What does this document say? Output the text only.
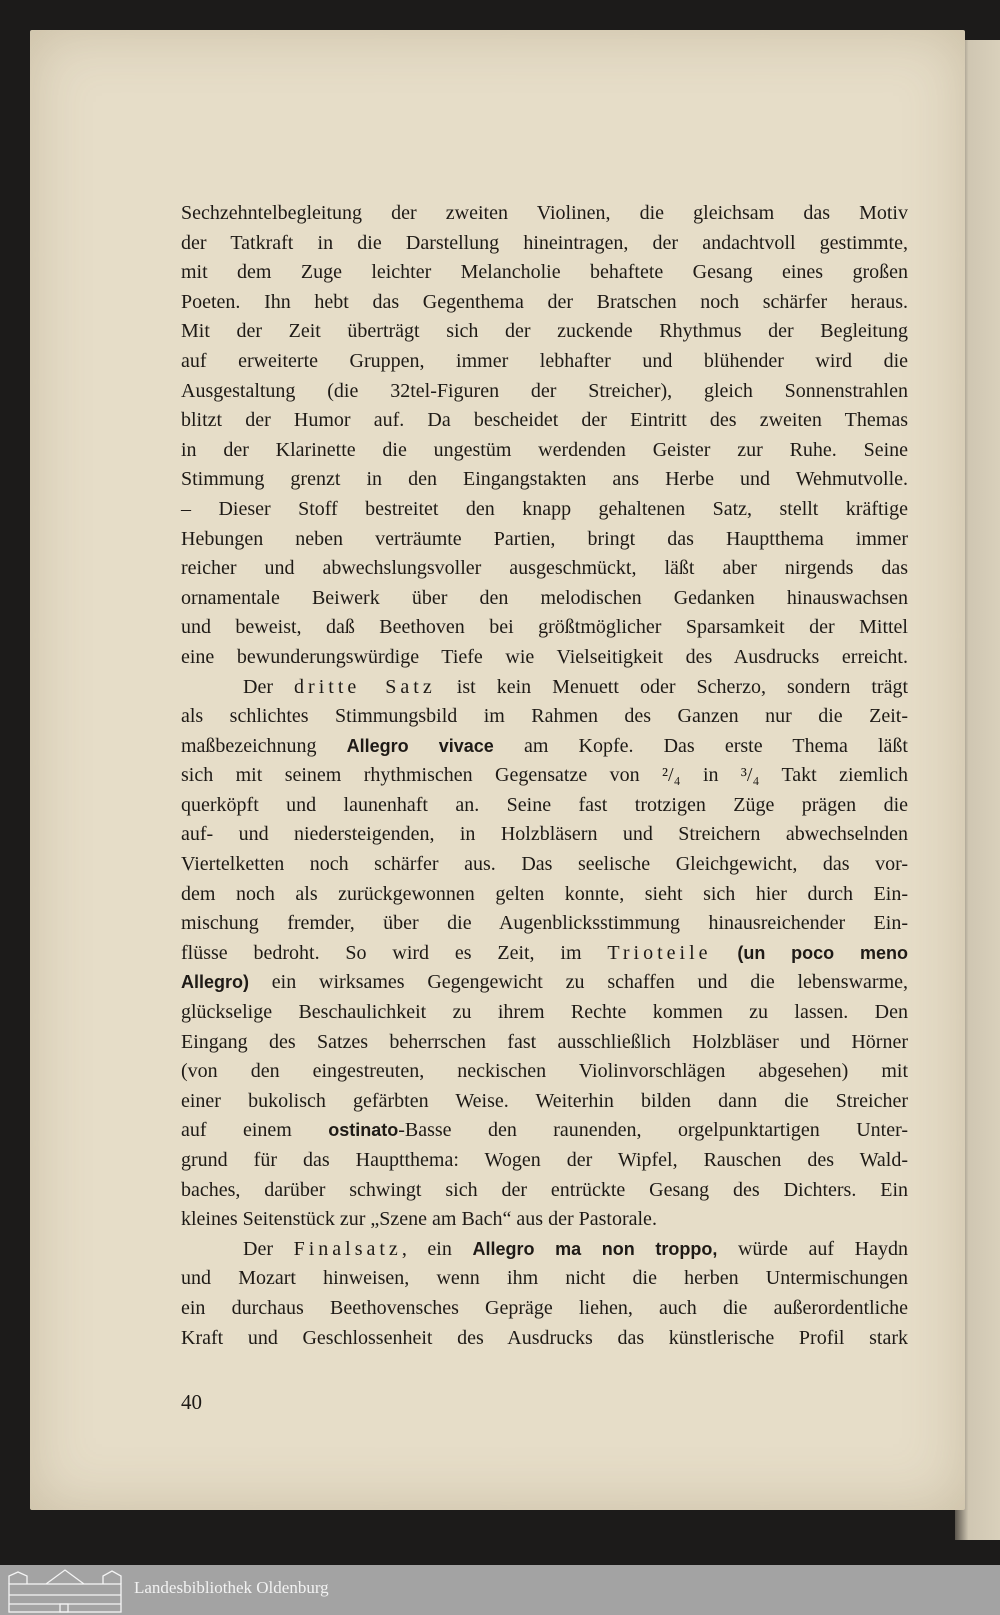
Sechzehntelbegleitung der zweiten Violinen, die gleichsam das Motiv
der Tatkraft in die Darstellung hineintragen, der andachtvoll gestimmte,
mit dem Zuge leichter Melancholie behaftete Gesang eines großen
Poeten. Ihn hebt das Gegenthema der Bratschen noch schärfer heraus.
Mit der Zeit überträgt sich der zuckende Rhythmus der Begleitung
auf erweiterte Gruppen, immer lebhafter und blühender wird die
Ausgestaltung (die 32tel-Figuren der Streicher), gleich Sonnenstrahlen
blitzt der Humor auf. Da bescheidet der Eintritt des zweiten Themas
in der Klarinette die ungestüm werdenden Geister zur Ruhe. Seine
Stimmung grenzt in den Eingangstakten ans Herbe und Wehmutvolle.
– Dieser Stoff bestreitet den knapp gehaltenen Satz, stellt kräftige
Hebungen neben verträumte Partien, bringt das Hauptthema immer
reicher und abwechslungsvoller ausgeschmückt, läßt aber nirgends das
ornamentale Beiwerk über den melodischen Gedanken hinauswachsen
und beweist, daß Beethoven bei größtmöglicher Sparsamkeit der Mittel
eine bewunderungswürdige Tiefe wie Vielseitigkeit des Ausdrucks erreicht.
Der dritte Satz ist kein Menuett oder Scherzo, sondern trägt
als schlichtes Stimmungsbild im Rahmen des Ganzen nur die Zeit-
maßbezeichnung Allegro vivace am Kopfe. Das erste Thema läßt
sich mit seinem rhythmischen Gegensatze von ²/₄ in ³/₄ Takt ziemlich
querköpft und launenhaft an. Seine fast trotzigen Züge prägen die
auf- und niedersteigenden, in Holzbläsern und Streichern abwechselnden
Viertelketten noch schärfer aus. Das seelische Gleichgewicht, das vor-
dem noch als zurückgewonnen gelten konnte, sieht sich hier durch Ein-
mischung fremder, über die Augenblicksstimmung hinausreichender Ein-
flüsse bedroht. So wird es Zeit, im Trioteile (un poco meno
Allegro) ein wirksames Gegengewicht zu schaffen und die lebenswarme,
glückselige Beschaulichkeit zu ihrem Rechte kommen zu lassen. Den
Eingang des Satzes beherrschen fast ausschließlich Holzbläser und Hörner
(von den eingestreuten, neckischen Violinvorschlägen abgesehen) mit
einer bukolisch gefärbten Weise. Weiterhin bilden dann die Streicher
auf einem ostinato-Basse den raunenden, orgelpunktartigen Unter-
grund für das Hauptthema: Wogen der Wipfel, Rauschen des Wald-
baches, darüber schwingt sich der entrückte Gesang des Dichters. Ein
kleines Seitenstück zur „Szene am Bach“ aus der Pastorale.
Der Finalsatz, ein Allegro ma non troppo, würde auf Haydn
und Mozart hinweisen, wenn ihm nicht die herben Untermischungen
ein durchaus Beethovensches Gepräge liehen, auch die außerordentliche
Kraft und Geschlossenheit des Ausdrucks das künstlerische Profil stark
40
Landesbibliothek Oldenburg
